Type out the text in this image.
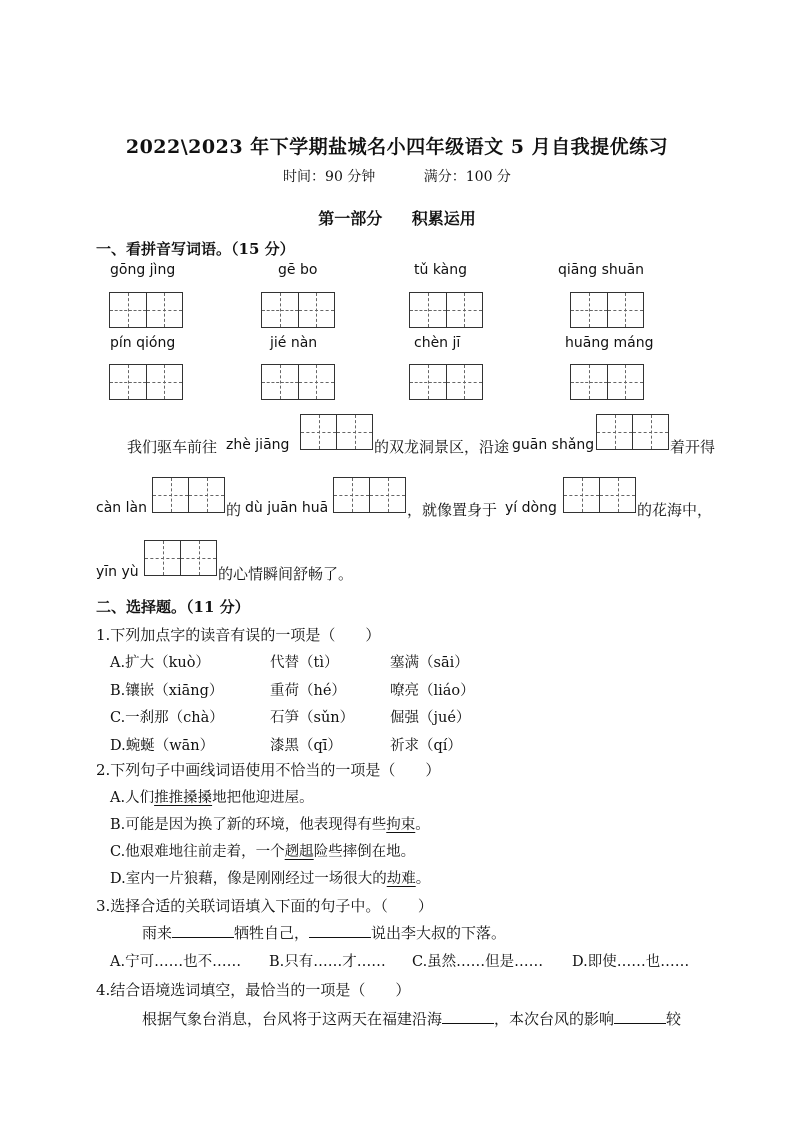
2022\2023 年下学期盐城名小四年级语文 5 月自我提优练习
时间：90 分钟	满分：100 分
第一部分 积累运用
一、看拼音写词语。（15 分）
gōng jìng	gē bo	tǔ kàng	qiāng shuān
pín qióng	jié nàn	chèn jī	huāng máng
我们驱车前往 zhè jiāng	的双龙洞景区，沿途 guān shǎng	着开得
càn làn	的 dù juān huā	，就像置身于 yí dòng	的花海中，
yīn yù	的心情瞬间舒畅了。
二、选择题。（11 分）
1.下列加点字的读音有误的一项是（　　）
A.扩大（kuò）	代替（tì）	塞满（sāi）
B.镶嵌（xiāng）	重荷（hé）	嘹亮（liáo）
C.一刹那（chà）	石笋（sǔn） 倔强（jué）
D.蜿蜒（wān）	漆黑（qī）	祈求（qí）
2.下列句子中画线词语使用不恰当的一项是（　　）
A.人们推推搡搡地把他迎进屋。
B.可能是因为换了新的环境，他表现得有些拘束。
C.他艰难地往前走着，一个趔趄险些摔倒在地。
D.室内一片狼藉，像是刚刚经过一场很大的劫难。
3.选择合适的关联词语填入下面的句子中。（　　）
雨来	牺牲自己，	说出李大叔的下落。
A.宁可……也不…… B.只有……才…… C.虽然……但是…… D.即使……也……
4.结合语境选词填空，最恰当的一项是（　　）
根据气象台消息，台风将于这两天在福建沿海	，本次台风的影响	较
